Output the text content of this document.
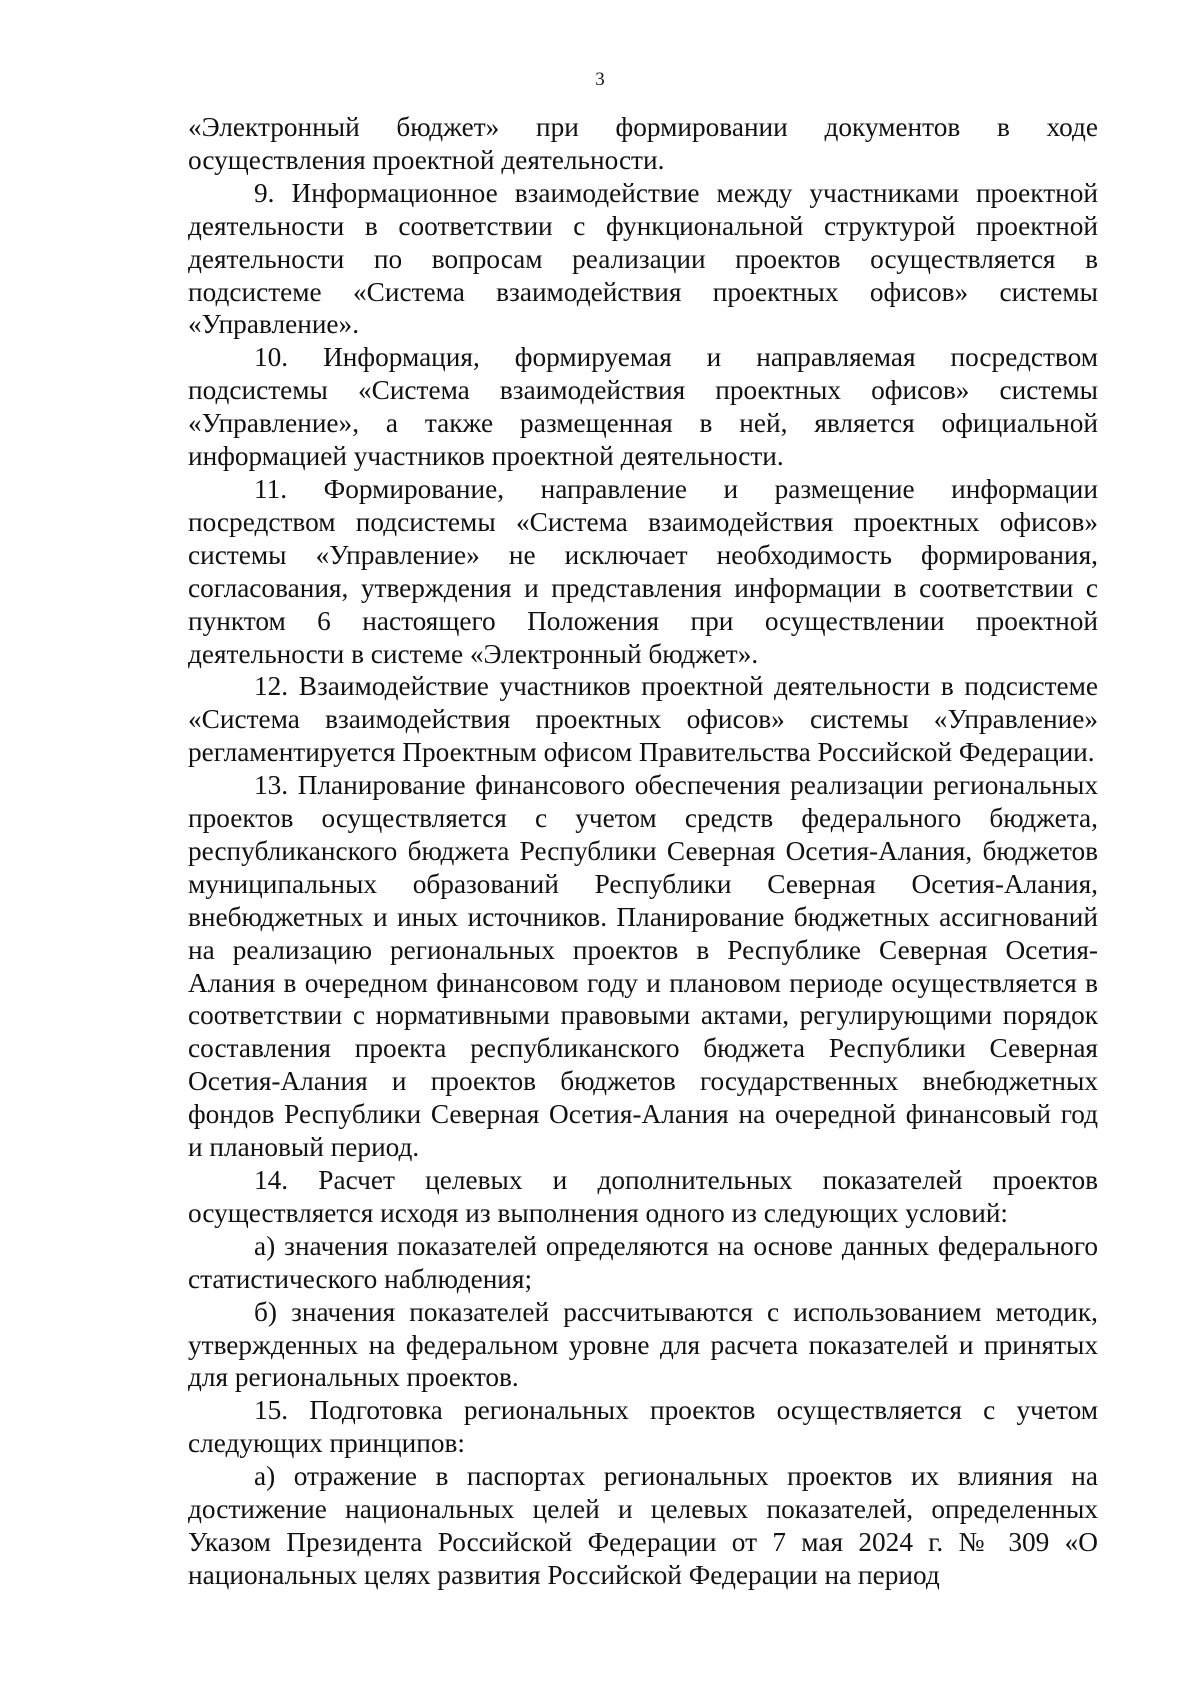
3

«Электронный бюджет» при формировании документов в ходе осуществления проектной деятельности.

9. Информационное взаимодействие между участниками проектной деятельности в соответствии с функциональной структурой проектной деятельности по вопросам реализации проектов осуществляется в подсистеме «Система взаимодействия проектных офисов» системы «Управление».

10. Информация, формируемая и направляемая посредством подсистемы «Система взаимодействия проектных офисов» системы «Управление», а также размещенная в ней, является официальной информацией участников проектной деятельности.

11. Формирование, направление и размещение информации посредством подсистемы «Система взаимодействия проектных офисов» системы «Управление» не исключает необходимость формирования, согласования, утверждения и представления информации в соответствии с пунктом 6 настоящего Положения при осуществлении проектной деятельности в системе «Электронный бюджет».

12. Взаимодействие участников проектной деятельности в подсистеме «Система взаимодействия проектных офисов» системы «Управление» регламентируется Проектным офисом Правительства Российской Федерации.

13. Планирование финансового обеспечения реализации региональных проектов осуществляется с учетом средств федерального бюджета, республиканского бюджета Республики Северная Осетия-Алания, бюджетов муниципальных образований Республики Северная Осетия-Алания, внебюджетных и иных источников. Планирование бюджетных ассигнований на реализацию региональных проектов в Республике Северная Осетия-Алания в очередном финансовом году и плановом периоде осуществляется в соответствии с нормативными правовыми актами, регулирующими порядок составления проекта республиканского бюджета Республики Северная Осетия-Алания и проектов бюджетов государственных внебюджетных фондов Республики Северная Осетия-Алания на очередной финансовый год и плановый период.

14. Расчет целевых и дополнительных показателей проектов осуществляется исходя из выполнения одного из следующих условий:

а) значения показателей определяются на основе данных федерального статистического наблюдения;

б) значения показателей рассчитываются с использованием методик, утвержденных на федеральном уровне для расчета показателей и принятых для региональных проектов.

15. Подготовка региональных проектов осуществляется с учетом следующих принципов:

а) отражение в паспортах региональных проектов их влияния на достижение национальных целей и целевых показателей, определенных Указом Президента Российской Федерации от 7 мая 2024 г. № 309 «О национальных целях развития Российской Федерации на период
